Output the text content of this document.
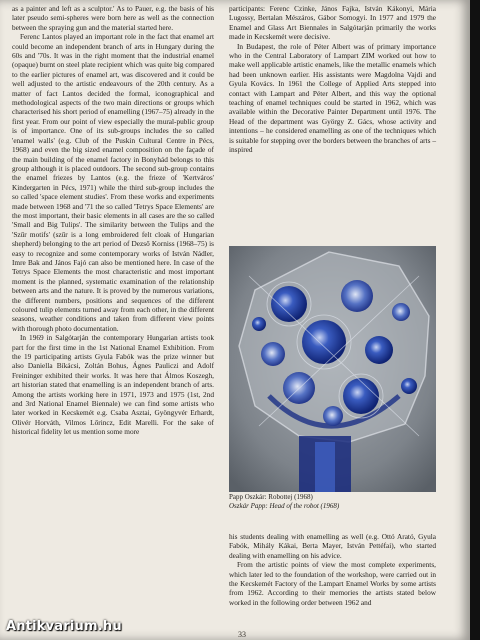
as a painter and left as a sculptor.' As to Pauer, e.g. the basis of his later pseudo semi-spheres were born here as well as the connection between the spraying gun and the material started here.

Ferenc Lantos played an important role in the fact that enamel art could become an independent branch of arts in Hungary during the 60s and '70s. It was in the right moment that the industrial enamel (opaque) burnt on steel plate recipient which was quite big compared to the earlier pictures of enamel art, was discovered and it could be well adjusted to the artistic endeavours of the 20th century. As a matter of fact Lantos decided the formal, iconographical and methodological aspects of the two main directions or groups which characterised his short period of enamelling (1967–75) already in the first year. From our point of view especially the mural-public group is of importance. One of its sub-groups includes the so called 'enamel walls' (e.g. Club of the Puskin Cultural Centre in Pécs, 1968) and even the big sized enamel composition on the façade of the main building of the enamel factory in Bonyhád belongs to this group although it is placed outdoors. The second sub-group contains the enamel friezes by Lantos (e.g. the frieze of 'Kertváros' Kindergarten in Pécs, 1971) while the third sub-group includes the so called 'space element studies'. From these works and experiments made between 1968 and '71 the so called 'Tetrys Space Elements' are the most important, their basic elements in all cases are the so called 'Small and Big Tulips'. The similarity between the Tulips and the 'Szűr motifs' (szűr is a long embroidered felt cloak of Hungarian shepherd) belonging to the art period of Dezső Korniss (1968–75) is easy to recognize and some contemporary works of István Nádler, Imre Bak and János Fajó can also be mentioned here. In case of the Tetrys Space Elements the most characteristic and most important moment is the planned, systematic examination of the relationship between arts and the nature. It is proved by the numerous variations, the different numbers, positions and sequences of the different coloured tulip elements turned away from each other, in the different seasons, weather conditions and taken from different view points with thorough photo documentation.

In 1969 in Salgótarján the contemporary Hungarian artists took part for the first time in the 1st National Enamel Exhibition. From the 19 participating artists Gyula Fabók was the prize winner but also Daniella Bíkácsi, Zoltán Bohus, Ágnes Pauliczi and Adolf Freininger exhibited their works. It was here that Álmos Koszegh, art historian stated that enamelling is an independent branch of arts. Among the artists working here in 1971, 1973 and 1975 (1st, 2nd and 3rd National Enamel Biennale) we can find some artists who later worked in Kecskemét e.g. Csaba Asztai, Gyöngyvér Erhardt, Olivér Horváth, Vilmos Lőrincz, Edit Marelli. For the sake of historical fidelity let us mention some more

participants: Ferenc Czinke, János Fajka, István Kákonyi, Mária Lugossy, Bertalan Mészáros, Gábor Somogyi. In 1977 and 1979 the Enamel and Glass Art Biennales in Salgótarján primarily the works made in Kecskemét were decisive.

In Budapest, the role of Péter Albert was of primary importance who in the Central Laboratory of Lampart ZIM worked out how to make well applicable artistic enamels, like the metallic enamels which had been unknown earlier. His assistants were Magdolna Vajdi and Gyula Kovács. In 1961 the College of Applied Arts stepped into contact with Lampart and Péter Albert, and this way the optional teaching of enamel techniques could be started in 1962, which was available within the Decorative Painter Department until 1976. The Head of the department was György Z. Gács, whose activity and intentions – he considered enamelling as one of the techniques which is suitable for stepping over the borders between the branches of arts – inspired

Papp Oszkár: Robottej (1968)
Oszkár Papp: Head of the robot (1968)

his students dealing with enamelling as well (e.g. Ottó Arató, Gyula Fabók, Mihály Kákai, Berta Mayer, István Pettéfai), who started dealing with enamelling on his advice.

From the artistic points of view the most complete experiments, which later led to the foundation of the workshop, were carried out in the Kecskemét Factory of the Lampart Enamel Works by some artists from 1962. According to their memories the artists stated below worked in the following order between 1962 and

33
Antikvarium.hu
